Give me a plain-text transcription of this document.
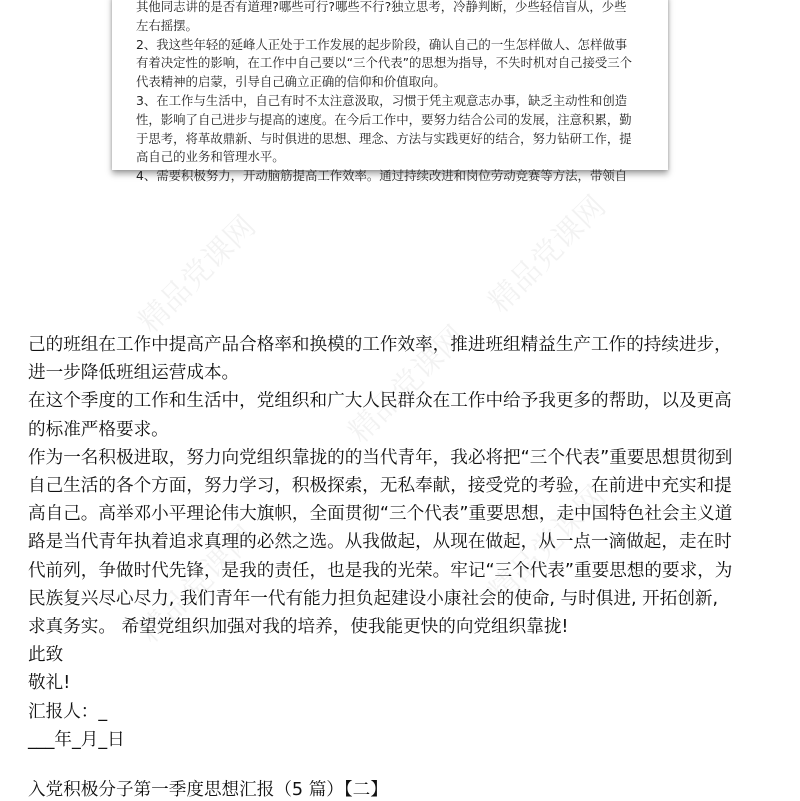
其他同志讲的是否有道理?哪些可行?哪些不行?独立思考，冷静判断，少些轻信盲从，少些
左右摇摆。
2、我这些年轻的延峰人正处于工作发展的起步阶段，确认自己的一生怎样做人、怎样做事
有着决定性的影响，在工作中自己要以“三个代表”的思想为指导，不失时机对自己接受三个
代表精神的启蒙，引导自己确立正确的信仰和价值取向。
3、在工作与生活中，自己有时不太注意汲取，习惯于凭主观意志办事，缺乏主动性和创造
性，影响了自己进步与提高的速度。在今后工作中，要努力结合公司的发展，注意积累，勤
于思考，将革故鼎新、与时俱进的思想、理念、方法与实践更好的结合，努力钻研工作，提
高自己的业务和管理水平。
4、需要积极努力，开动脑筋提高工作效率。通过持续改进和岗位劳动竞赛等方法，带领自
己的班组在工作中提高产品合格率和换模的工作效率，推进班组精益生产工作的持续进步，
进一步降低班组运营成本。
在这个季度的工作和生活中，党组织和广大人民群众在工作中给予我更多的帮助，以及更高
的标准严格要求。
作为一名积极进取，努力向党组织靠拢的的当代青年，我必将把“三个代表”重要思想贯彻到
自己生活的各个方面，努力学习，积极探索，无私奉献，接受党的考验，在前进中充实和提
高自己。高举邓小平理论伟大旗帜，全面贯彻“三个代表”重要思想，走中国特色社会主义道
路是当代青年执着追求真理的必然之选。从我做起，从现在做起，从一点一滴做起，走在时
代前列，争做时代先锋，是我的责任，也是我的光荣。牢记“三个代表”重要思想的要求，为
民族复兴尽心尽力, 我们青年一代有能力担负起建设小康社会的使命, 与时俱进, 开拓创新,
求真务实。 希望党组织加强对我的培养，使我能更快的向党组织靠拢!
此致
敬礼!
汇报人：_
___年_月_日
入党积极分子第一季度思想汇报（5 篇）【二】
精品党课网	精品党课网
精品党课网
精品党课网	精品党课网
